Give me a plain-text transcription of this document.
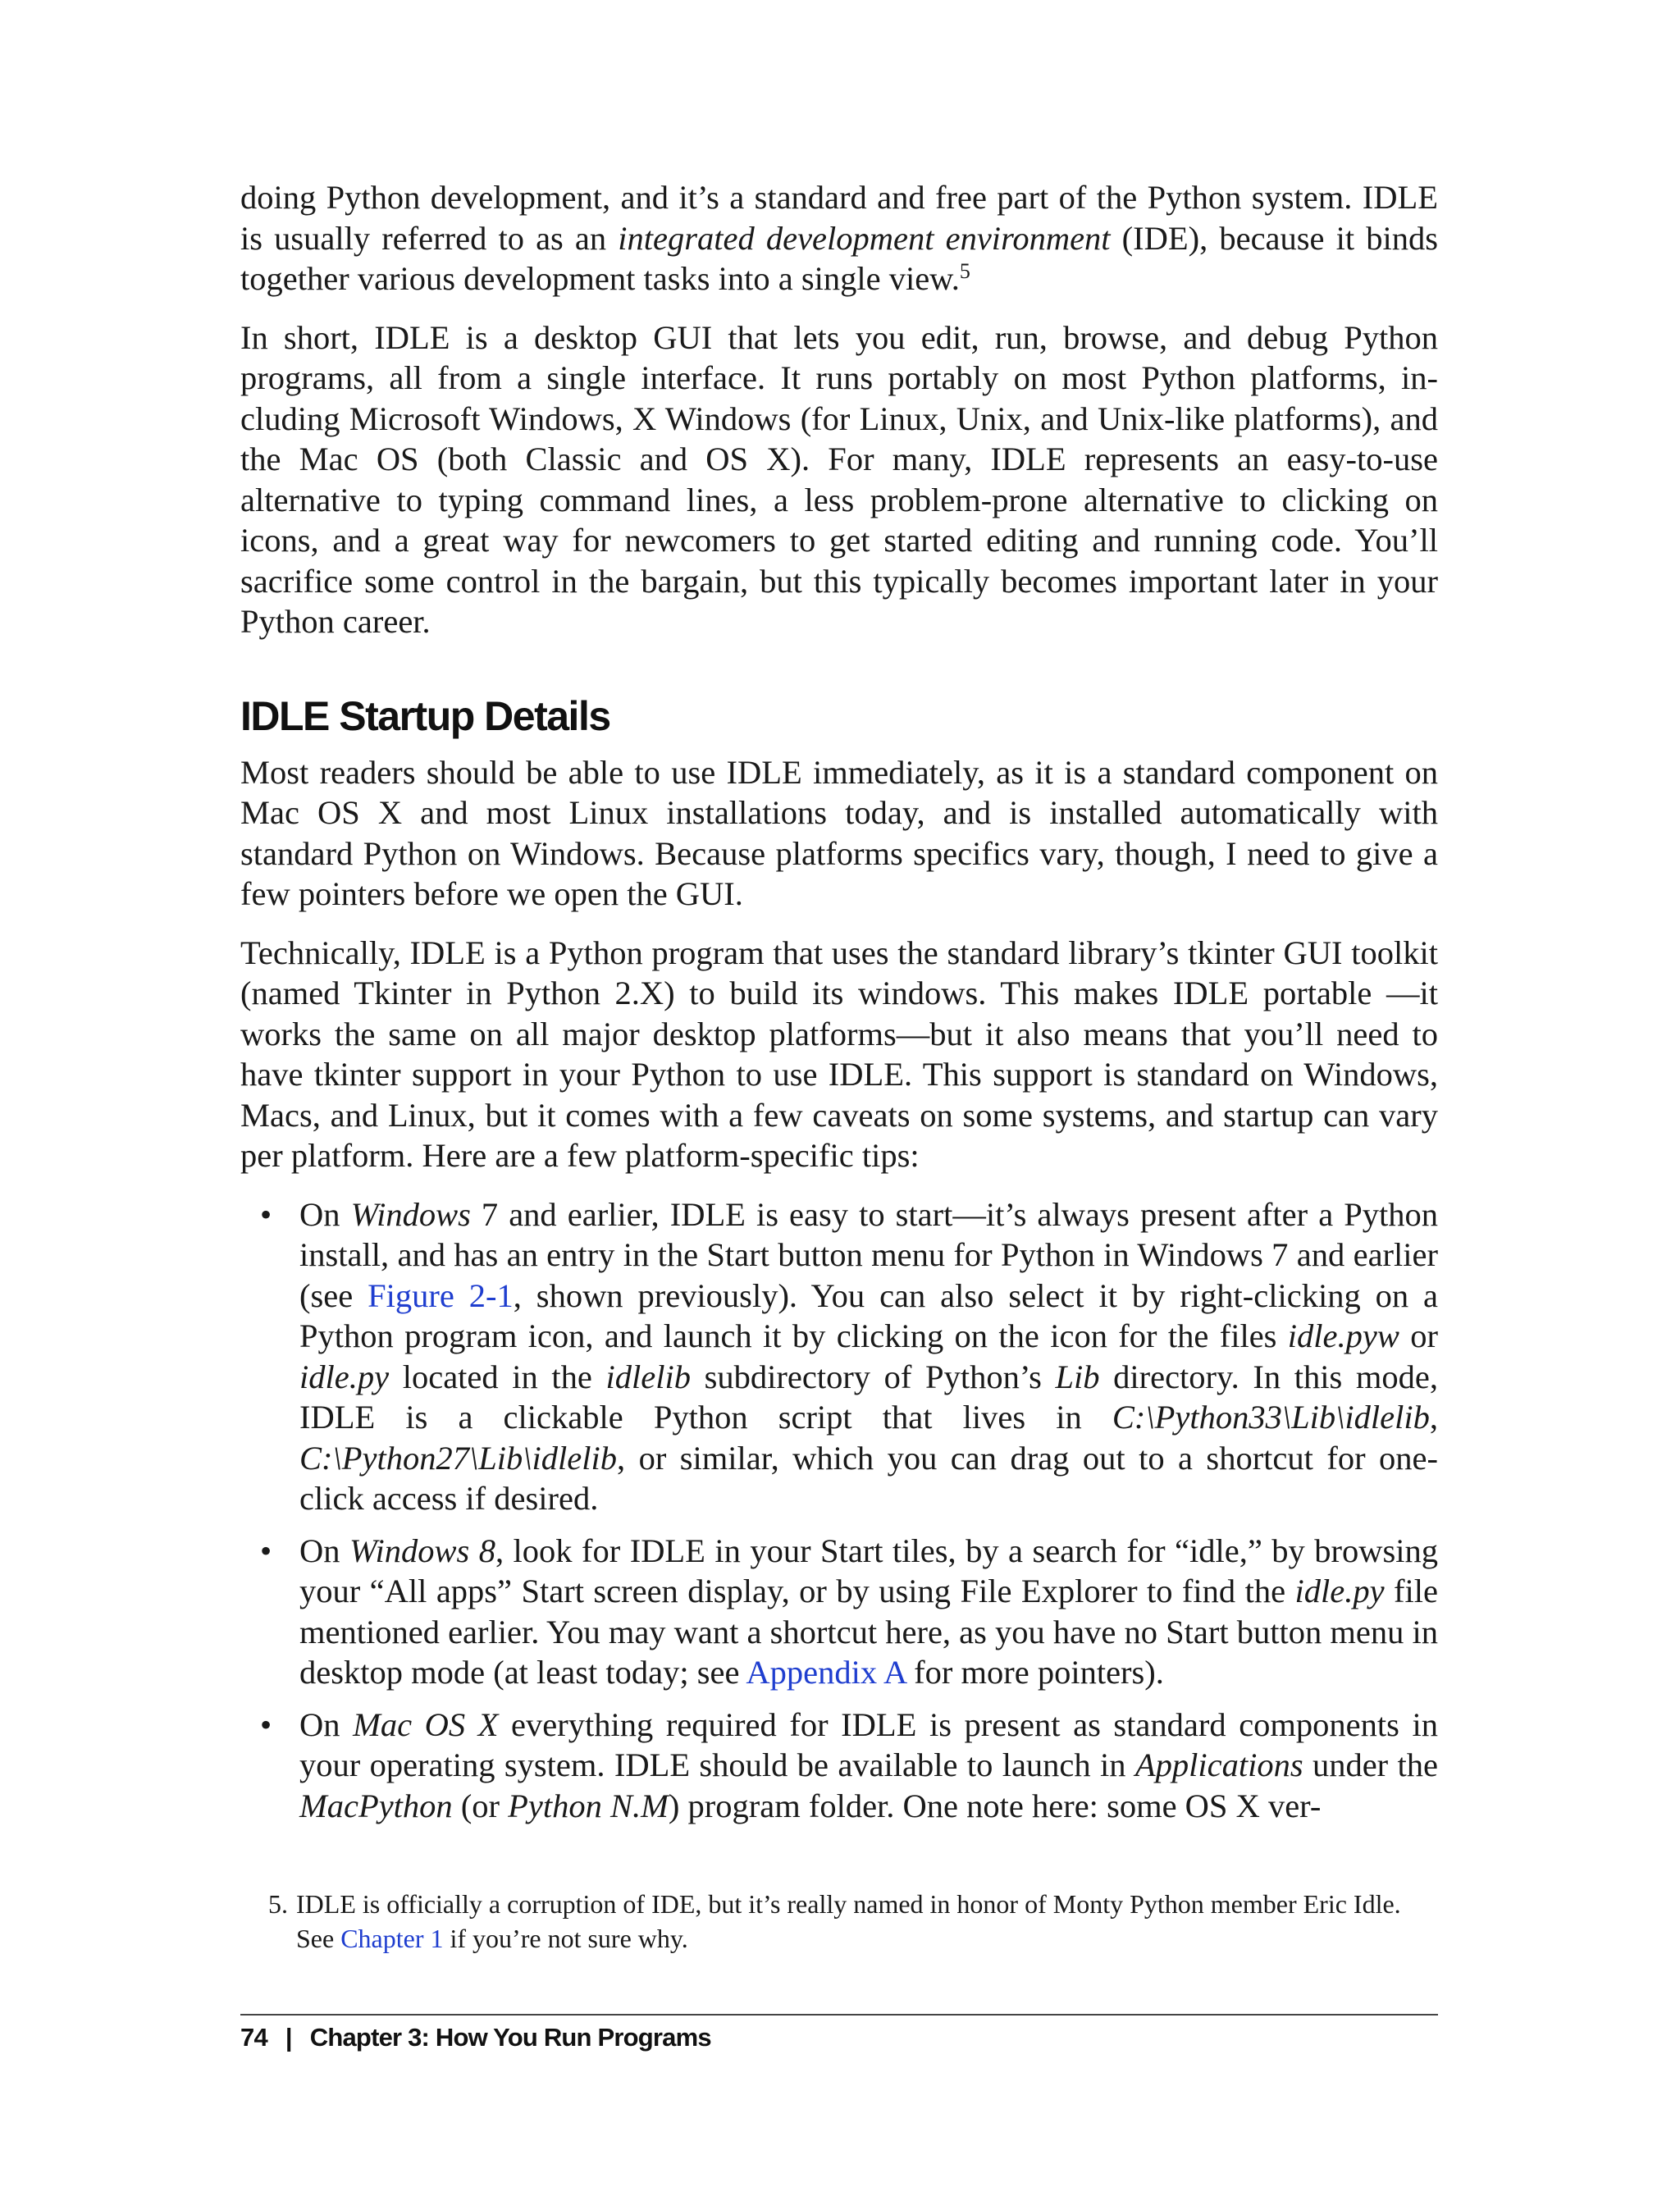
doing Python development, and it’s a standard and free part of the Python system. IDLE is usually referred to as an integrated development environment (IDE), because it binds together various development tasks into a single view.$^5$

In short, IDLE is a desktop GUI that lets you edit, run, browse, and debug Python programs, all from a single interface. It runs portably on most Python platforms, including Microsoft Windows, X Windows (for Linux, Unix, and Unix-like platforms), and the Mac OS (both Classic and OS X). For many, IDLE represents an easy-to-use alternative to typing command lines, a less problem-prone alternative to clicking on icons, and a great way for newcomers to get started editing and running code. You’ll sacrifice some control in the bargain, but this typically becomes important later in your Python career.

IDLE Startup Details

Most readers should be able to use IDLE immediately, as it is a standard component on Mac OS X and most Linux installations today, and is installed automatically with standard Python on Windows. Because platforms specifics vary, though, I need to give a few pointers before we open the GUI.

Technically, IDLE is a Python program that uses the standard library’s tkinter GUI toolkit (named Tkinter in Python 2.X) to build its windows. This makes IDLE portable —it works the same on all major desktop platforms—but it also means that you’ll need to have tkinter support in your Python to use IDLE. This support is standard on Windows, Macs, and Linux, but it comes with a few caveats on some systems, and startup can vary per platform. Here are a few platform-specific tips:

• On Windows 7 and earlier, IDLE is easy to start—it’s always present after a Python install, and has an entry in the Start button menu for Python in Windows 7 and earlier (see Figure 2-1, shown previously). You can also select it by right-clicking on a Python program icon, and launch it by clicking on the icon for the files idle.pyw or idle.py located in the idlelib subdirectory of Python’s Lib directory. In this mode, IDLE is a clickable Python script that lives in C:\Python33\Lib\idlelib, C:\Python27\Lib\idlelib, or similar, which you can drag out to a shortcut for one-click access if desired.
• On Windows 8, look for IDLE in your Start tiles, by a search for “idle,” by browsing your “All apps” Start screen display, or by using File Explorer to find the idle.py file mentioned earlier. You may want a shortcut here, as you have no Start button menu in desktop mode (at least today; see Appendix A for more pointers).
• On Mac OS X everything required for IDLE is present as standard components in your operating system. IDLE should be available to launch in Applications under the MacPython (or Python N.M) program folder. One note here: some OS X ver-
5. IDLE is officially a corruption of IDE, but it’s really named in honor of Monty Python member Eric Idle.
See Chapter 1 if you’re not sure why.
74 | Chapter 3: How You Run Programs
